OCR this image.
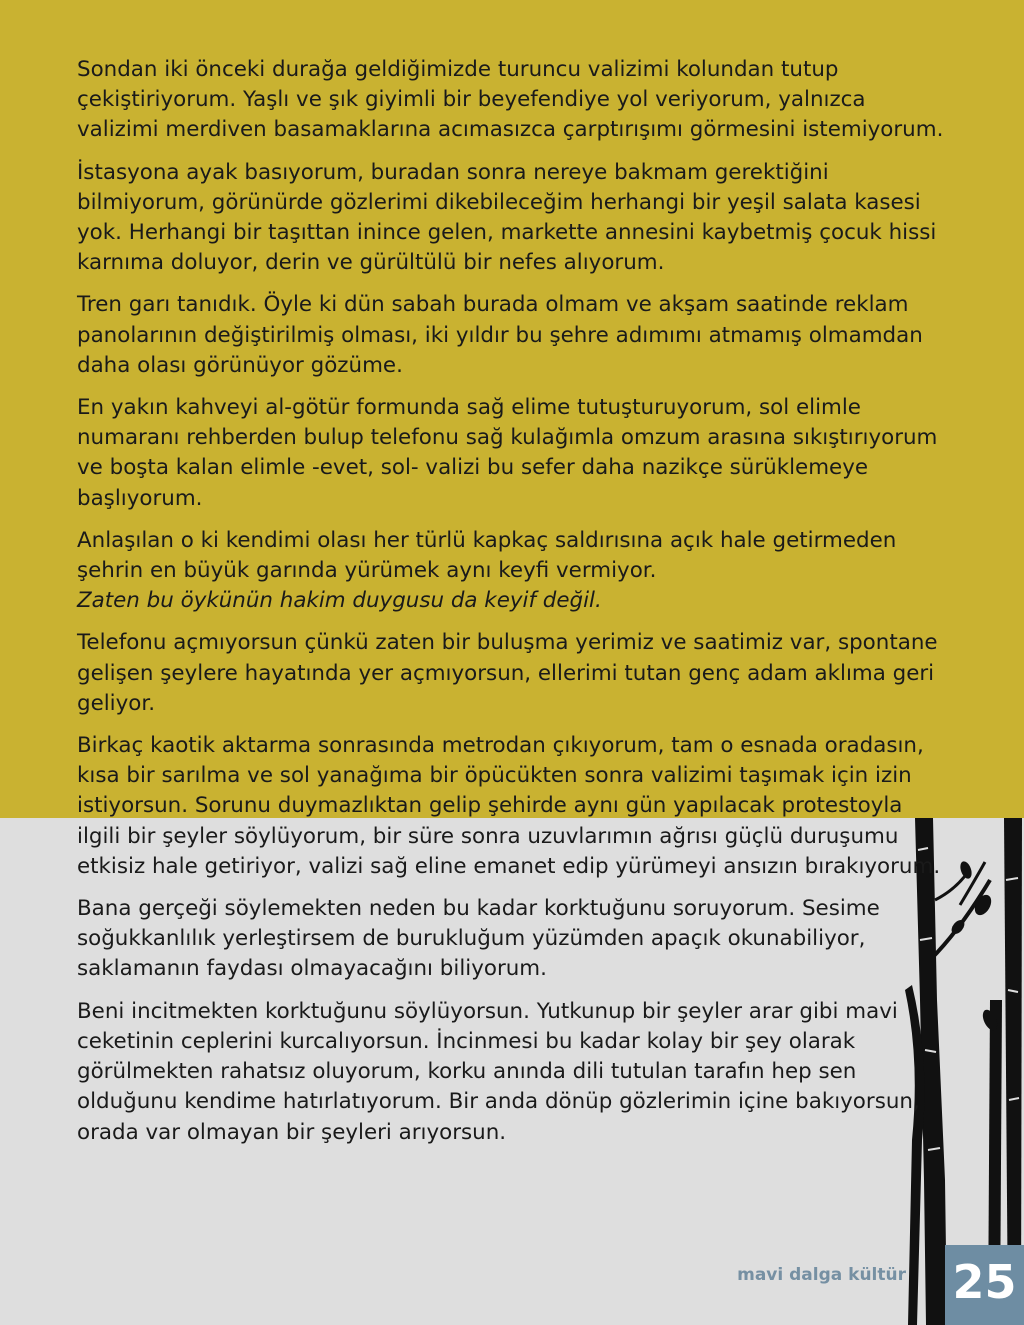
Sondan iki önceki durağa geldiğimizde turuncu valizimi kolundan tutup çekiştiriyorum. Yaşlı ve şık giyimli bir beyefendiye yol veriyorum, yalnızca valizimi merdiven basamaklarına acımasızca çarptırışımı görmesini istemiyorum.

İstasyona ayak basıyorum, buradan sonra nereye bakmam gerektiğini bilmiyorum, görünürde gözlerimi dikebileceğim herhangi bir yeşil salata kasesi yok. Herhangi bir taşıttan inince gelen, markette annesini kaybetmiş çocuk hissi karnıma doluyor, derin ve gürültülü bir nefes alıyorum.

Tren garı tanıdık. Öyle ki dün sabah burada olmam ve akşam saatinde reklam panolarının değiştirilmiş olması, iki yıldır bu şehre adımımı atmamış olmamdan daha olası görünüyor gözüme.

En yakın kahveyi al-götür formunda sağ elime tutuşturuyorum, sol elimle numaranı rehberden bulup telefonu sağ kulağımla omzum arasına sıkıştırıyorum ve boşta kalan elimle -evet, sol- valizi bu sefer daha nazikçe sürüklemeye başlıyorum.

Anlaşılan o ki kendimi olası her türlü kapkaç saldırısına açık hale getirmeden şehrin en büyük garında yürümek aynı keyfi vermiyor.
Zaten bu öykünün hakim duygusu da keyif değil.

Telefonu açmıyorsun çünkü zaten bir buluşma yerimiz ve saatimiz var, spontane gelişen şeylere hayatında yer açmıyorsun, ellerimi tutan genç adam aklıma geri geliyor.

Birkaç kaotik aktarma sonrasında metrodan çıkıyorum, tam o esnada oradasın, kısa bir sarılma ve sol yanağıma bir öpücükten sonra valizimi taşımak için izin istiyorsun. Sorunu duymazlıktan gelip şehirde aynı gün yapılacak protestoyla ilgili bir şeyler söylüyorum, bir süre sonra uzuvlarımın ağrısı güçlü duruşumu etkisiz hale getiriyor, valizi sağ eline emanet edip yürümeyi ansızın bırakıyorum.

Bana gerçeği söylemekten neden bu kadar korktuğunu soruyorum. Sesime soğukkanlılık yerleştirsem de burukluğum yüzümden apaçık okunabiliyor, saklamanın faydası olmayacağını biliyorum.

Beni incitmekten korktuğunu söylüyorsun. Yutkunup bir şeyler arar gibi mavi ceketinin ceplerini kurcalıyorsun. İncinmesi bu kadar kolay bir şey olarak görülmekten rahatsız oluyorum, korku anında dili tutulan tarafın hep sen olduğunu kendime hatırlatıyorum. Bir anda dönüp gözlerimin içine bakıyorsun, orada var olmayan bir şeyleri arıyorsun.

mavi dalga kültür 25
